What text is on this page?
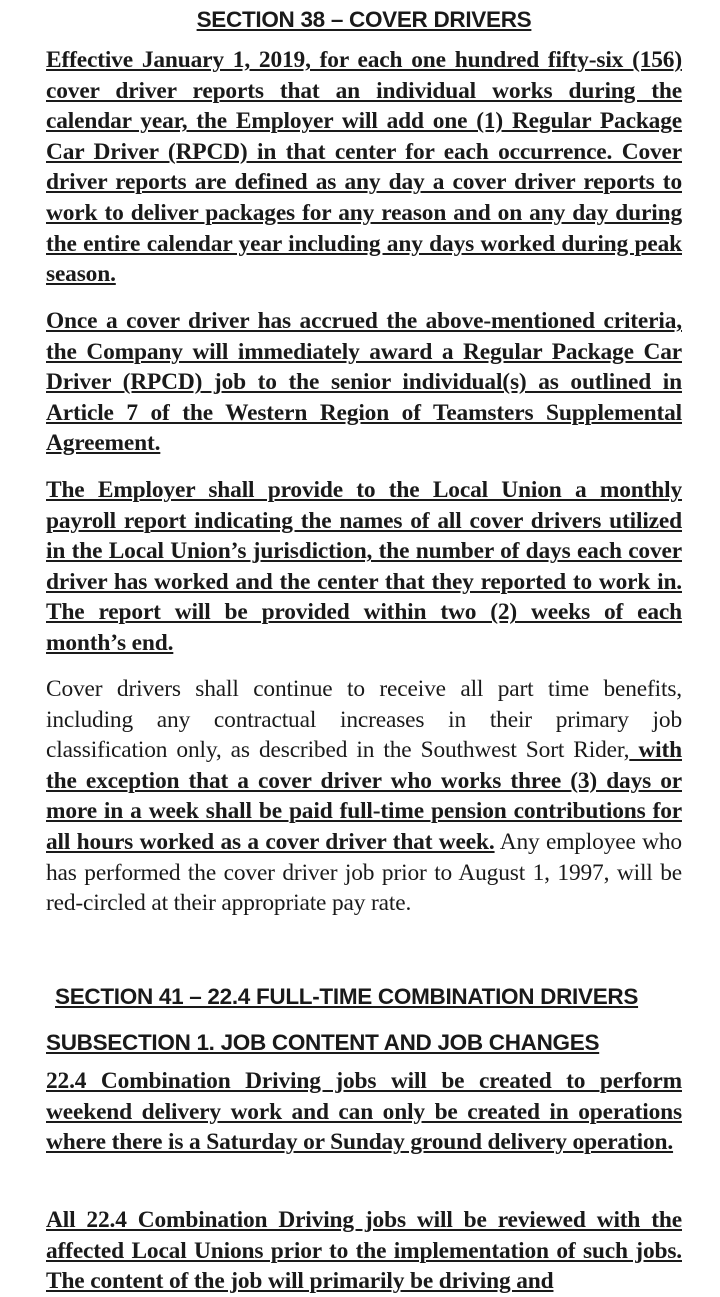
SECTION 38 – COVER DRIVERS

Effective January 1, 2019, for each one hundred fifty-six (156) cover driver reports that an individual works during the calendar year, the Employer will add one (1) Regular Package Car Driver (RPCD) in that center for each occurrence. Cover driver reports are defined as any day a cover driver reports to work to deliver packages for any reason and on any day during the entire calendar year including any days worked during peak season.

Once a cover driver has accrued the above-mentioned criteria, the Company will immediately award a Regular Package Car Driver (RPCD) job to the senior individual(s) as outlined in Article 7 of the Western Region of Teamsters Supplemental Agreement.

The Employer shall provide to the Local Union a monthly payroll report indicating the names of all cover drivers utilized in the Local Union’s jurisdiction, the number of days each cover driver has worked and the center that they reported to work in. The report will be provided within two (2) weeks of each month’s end.

Cover drivers shall continue to receive all part time benefits, including any contractual increases in their primary job classification only, as described in the Southwest Sort Rider, with the exception that a cover driver who works three (3) days or more in a week shall be paid full-time pension contributions for all hours worked as a cover driver that week. Any employee who has performed the cover driver job prior to August 1, 1997, will be red-circled at their appropriate pay rate.

SECTION 41 – 22.4 FULL-TIME COMBINATION DRIVERS
SUBSECTION 1. JOB CONTENT AND JOB CHANGES

22.4 Combination Driving jobs will be created to perform weekend delivery work and can only be created in operations where there is a Saturday or Sunday ground delivery operation.

All 22.4 Combination Driving jobs will be reviewed with the affected Local Unions prior to the implementation of such jobs. The content of the job will primarily be driving and
